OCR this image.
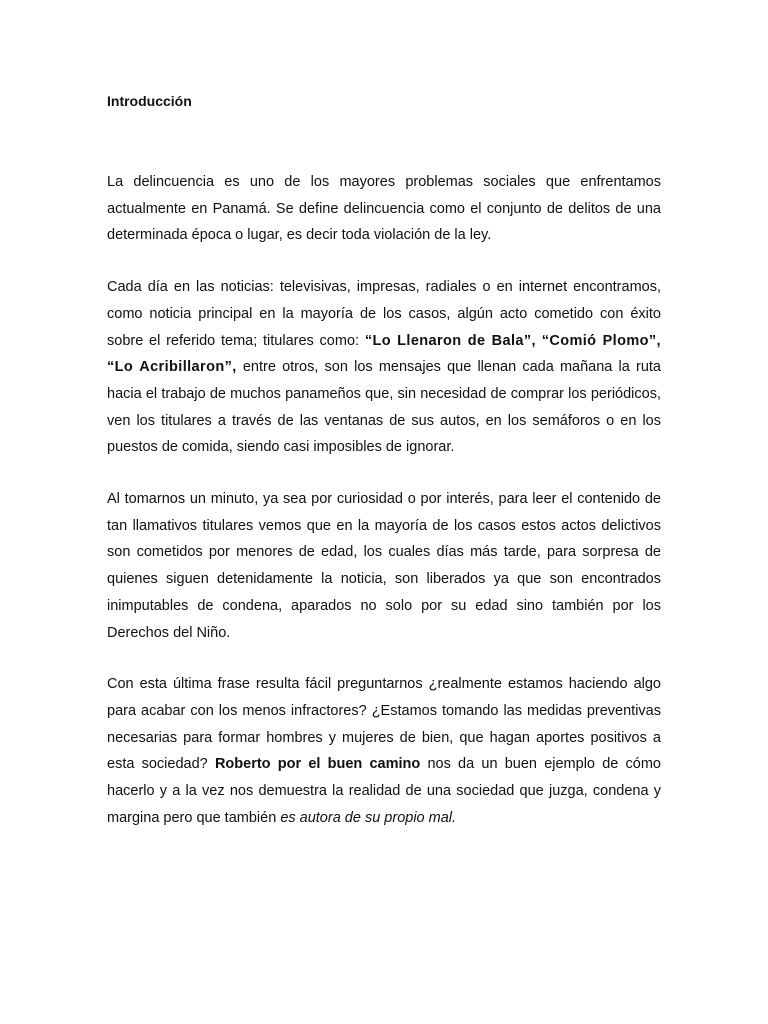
Introducción

La delincuencia es uno de los mayores problemas sociales que enfrentamos actualmente en Panamá. Se define delincuencia como el conjunto de delitos de una determinada época o lugar, es decir toda violación de la ley.

Cada día en las noticias: televisivas, impresas, radiales o en internet encontramos, como noticia principal en la mayoría de los casos, algún acto cometido con éxito sobre el referido tema; titulares como: “Lo Llenaron de Bala”, “Comió Plomo”, “Lo Acribillaron”, entre otros, son los mensajes que llenan cada mañana la ruta hacia el trabajo de muchos panameños que, sin necesidad de comprar los periódicos, ven los titulares a través de las ventanas de sus autos, en los semáforos o en los puestos de comida, siendo casi imposibles de ignorar.

Al tomarnos un minuto, ya sea por curiosidad o por interés, para leer el contenido de tan llamativos titulares vemos que en la mayoría de los casos estos actos delictivos son cometidos por menores de edad, los cuales días más tarde, para sorpresa de quienes siguen detenidamente la noticia, son liberados ya que son encontrados inimputables de condena, aparados no solo por su edad sino también por los Derechos del Niño.

Con esta última frase resulta fácil preguntarnos ¿realmente estamos haciendo algo para acabar con los menos infractores? ¿Estamos tomando las medidas preventivas necesarias para formar hombres y mujeres de bien, que hagan aportes positivos a esta sociedad? Roberto por el buen camino nos da un buen ejemplo de cómo hacerlo y a la vez nos demuestra la realidad de una sociedad que juzga, condena y margina pero que también es autora de su propio mal.
